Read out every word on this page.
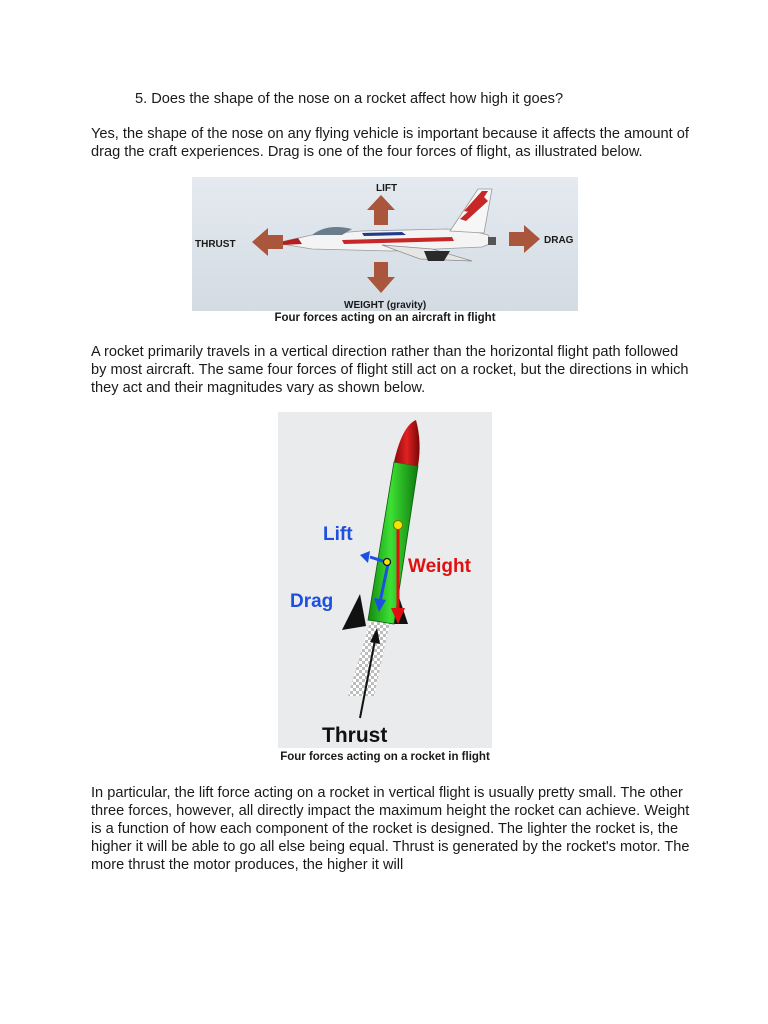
5. Does the shape of the nose on a rocket affect how high it goes?

Yes, the shape of the nose on any flying vehicle is important because it affects the amount of drag the craft experiences. Drag is one of the four forces of flight, as illustrated below.

LIFT
THRUST	DRAG
WEIGHT (gravity)
Four forces acting on an aircraft in flight

A rocket primarily travels in a vertical direction rather than the horizontal flight path followed by most aircraft. The same four forces of flight still act on a rocket, but the directions in which they act and their magnitudes vary as shown below.

Lift
Weight
Drag
Thrust
Four forces acting on a rocket in flight

In particular, the lift force acting on a rocket in vertical flight is usually pretty small. The other three forces, however, all directly impact the maximum height the rocket can achieve. Weight is a function of how each component of the rocket is designed. The lighter the rocket is, the higher it will be able to go all else being equal. Thrust is generated by the rocket's motor. The more thrust the motor produces, the higher it will
